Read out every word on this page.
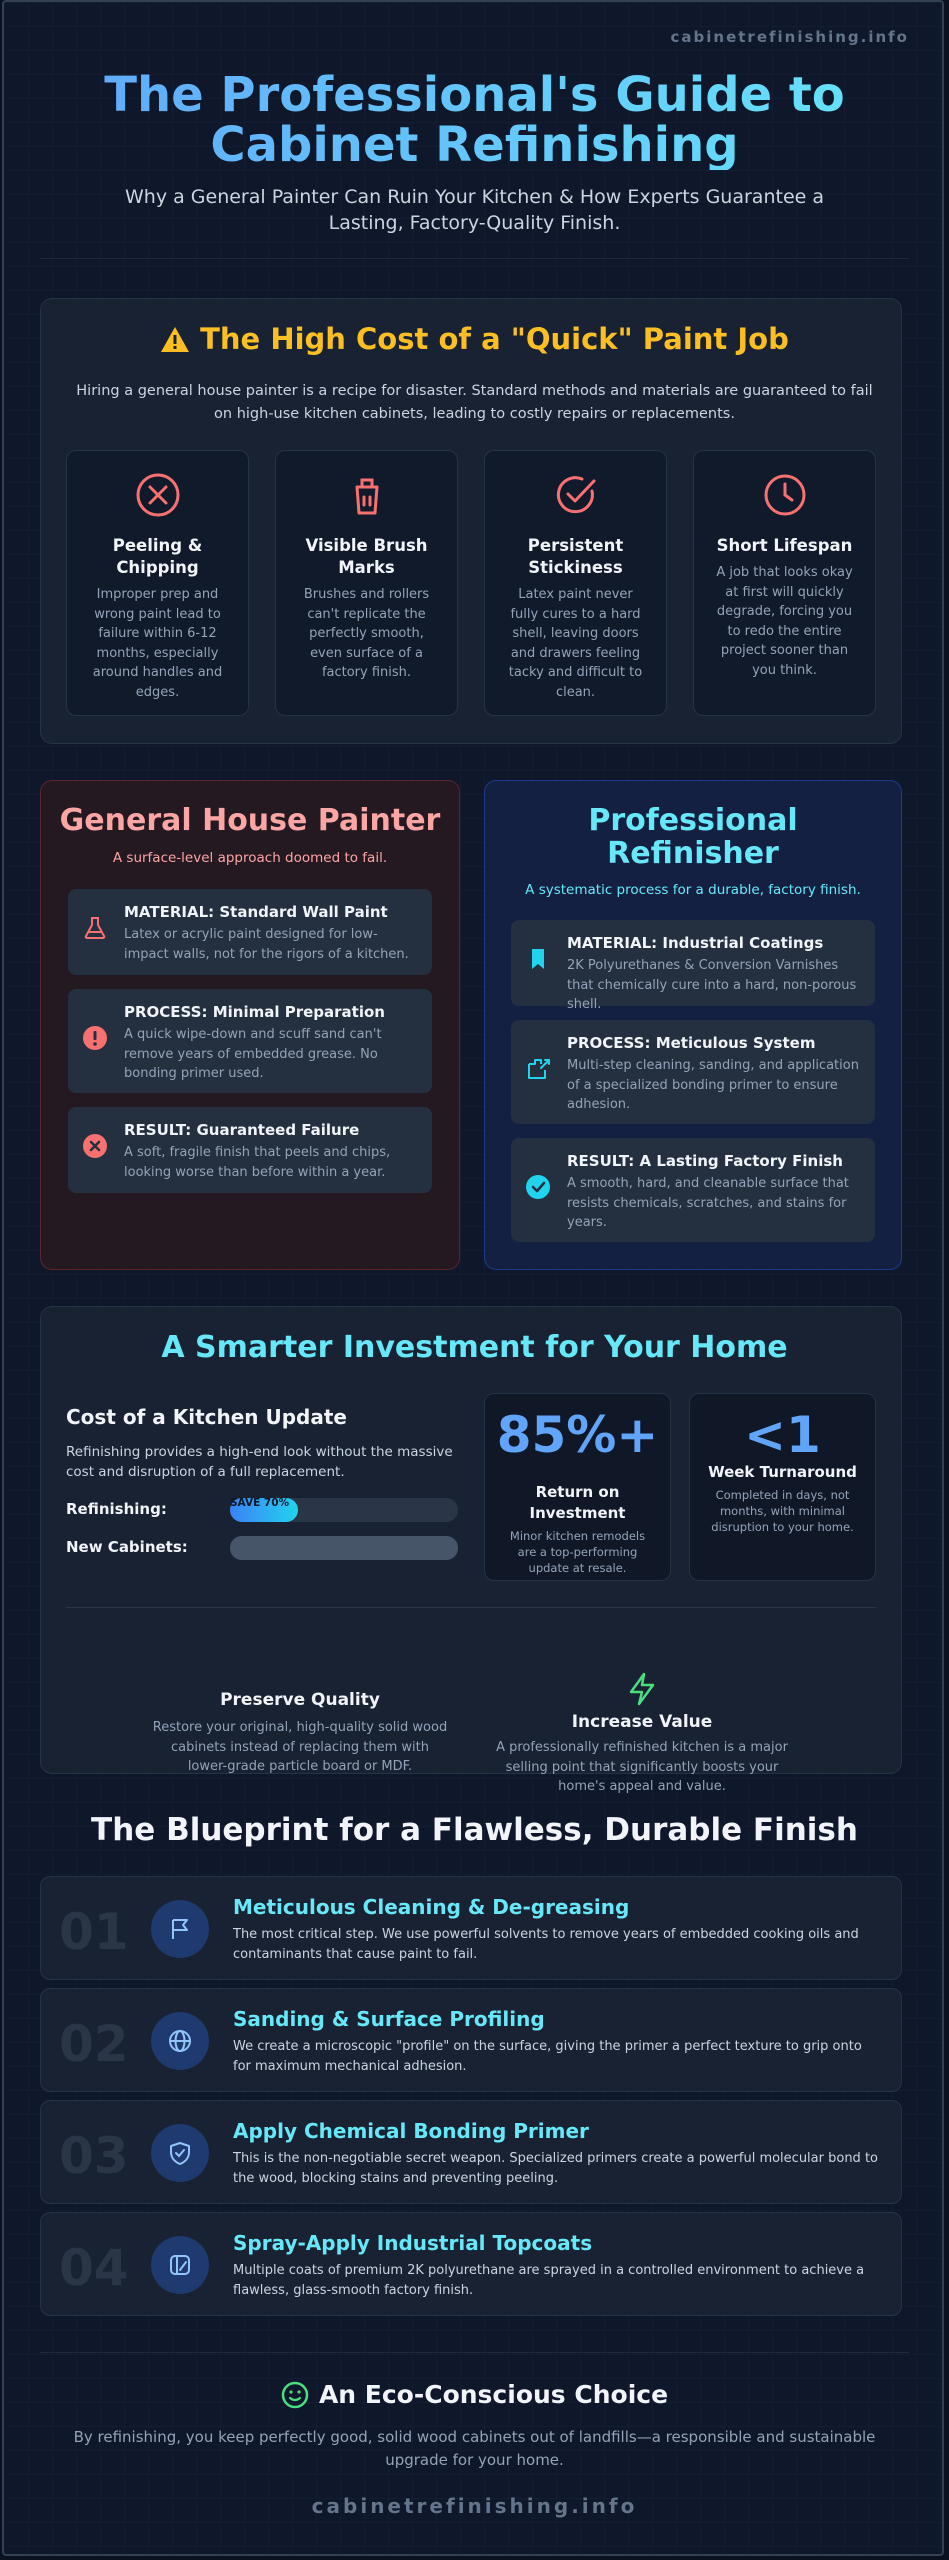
cabinetrefinishing.info
The Professional's Guide to Cabinet Refinishing

Why a General Painter Can Ruin Your Kitchen & How Experts Guarantee a Lasting, Factory-Quality Finish.

The High Cost of a "Quick" Paint Job

Hiring a general house painter is a recipe for disaster. Standard methods and materials are guaranteed to fail on high-use kitchen cabinets, leading to costly repairs or replacements.

Peeling & Chipping

Improper prep and wrong paint lead to failure within 6-12 months, especially around handles and edges.

Visible Brush Marks

Brushes and rollers can't replicate the perfectly smooth, even surface of a factory finish.

Persistent Stickiness

Latex paint never fully cures to a hard shell, leaving doors and drawers feeling tacky and difficult to clean.

Short Lifespan

A job that looks okay at first will quickly degrade, forcing you to redo the entire project sooner than you think.

General House Painter

A surface-level approach doomed to fail.

MATERIAL: Standard Wall Paint

Latex or acrylic paint designed for low-impact walls, not for the rigors of a kitchen.

PROCESS: Minimal Preparation

A quick wipe-down and scuff sand can't remove years of embedded grease. No bonding primer used.

RESULT: Guaranteed Failure

A soft, fragile finish that peels and chips, looking worse than before within a year.

Professional Refinisher

A systematic process for a durable, factory finish.

MATERIAL: Industrial Coatings

2K Polyurethanes & Conversion Varnishes that chemically cure into a hard, non-porous shell.

PROCESS: Meticulous System

Multi-step cleaning, sanding, and application of a specialized bonding primer to ensure adhesion.

RESULT: A Lasting Factory Finish

A smooth, hard, and cleanable surface that resists chemicals, scratches, and stains for years.

A Smarter Investment for Your Home
Cost of a Kitchen Update

Refinishing provides a high-end look without the massive cost and disruption of a full replacement.

Refinishing:	SAVE 70%
New Cabinets:
85%+
Return on Investment
Minor kitchen remodels are a top-performing update at resale.
<1
Week Turnaround
Completed in days, not months, with minimal disruption to your home.
Preserve Quality

Restore your original, high-quality solid wood cabinets instead of replacing them with lower-grade particle board or MDF.

Increase Value

A professionally refinished kitchen is a major selling point that significantly boosts your home's appeal and value.

The Blueprint for a Flawless, Durable Finish
01	Meticulous Cleaning & De-greasing

The most critical step. We use powerful solvents to remove years of embedded cooking oils and contaminants that cause paint to fail.

02	Sanding & Surface Profiling

We create a microscopic "profile" on the surface, giving the primer a perfect texture to grip onto for maximum mechanical adhesion.

03	Apply Chemical Bonding Primer

This is the non-negotiable secret weapon. Specialized primers create a powerful molecular bond to the wood, blocking stains and preventing peeling.

04	Spray-Apply Industrial Topcoats

Multiple coats of premium 2K polyurethane are sprayed in a controlled environment to achieve a flawless, glass-smooth factory finish.

An Eco-Conscious Choice

By refinishing, you keep perfectly good, solid wood cabinets out of landfills—a responsible and sustainable upgrade for your home.

cabinetrefinishing.info
